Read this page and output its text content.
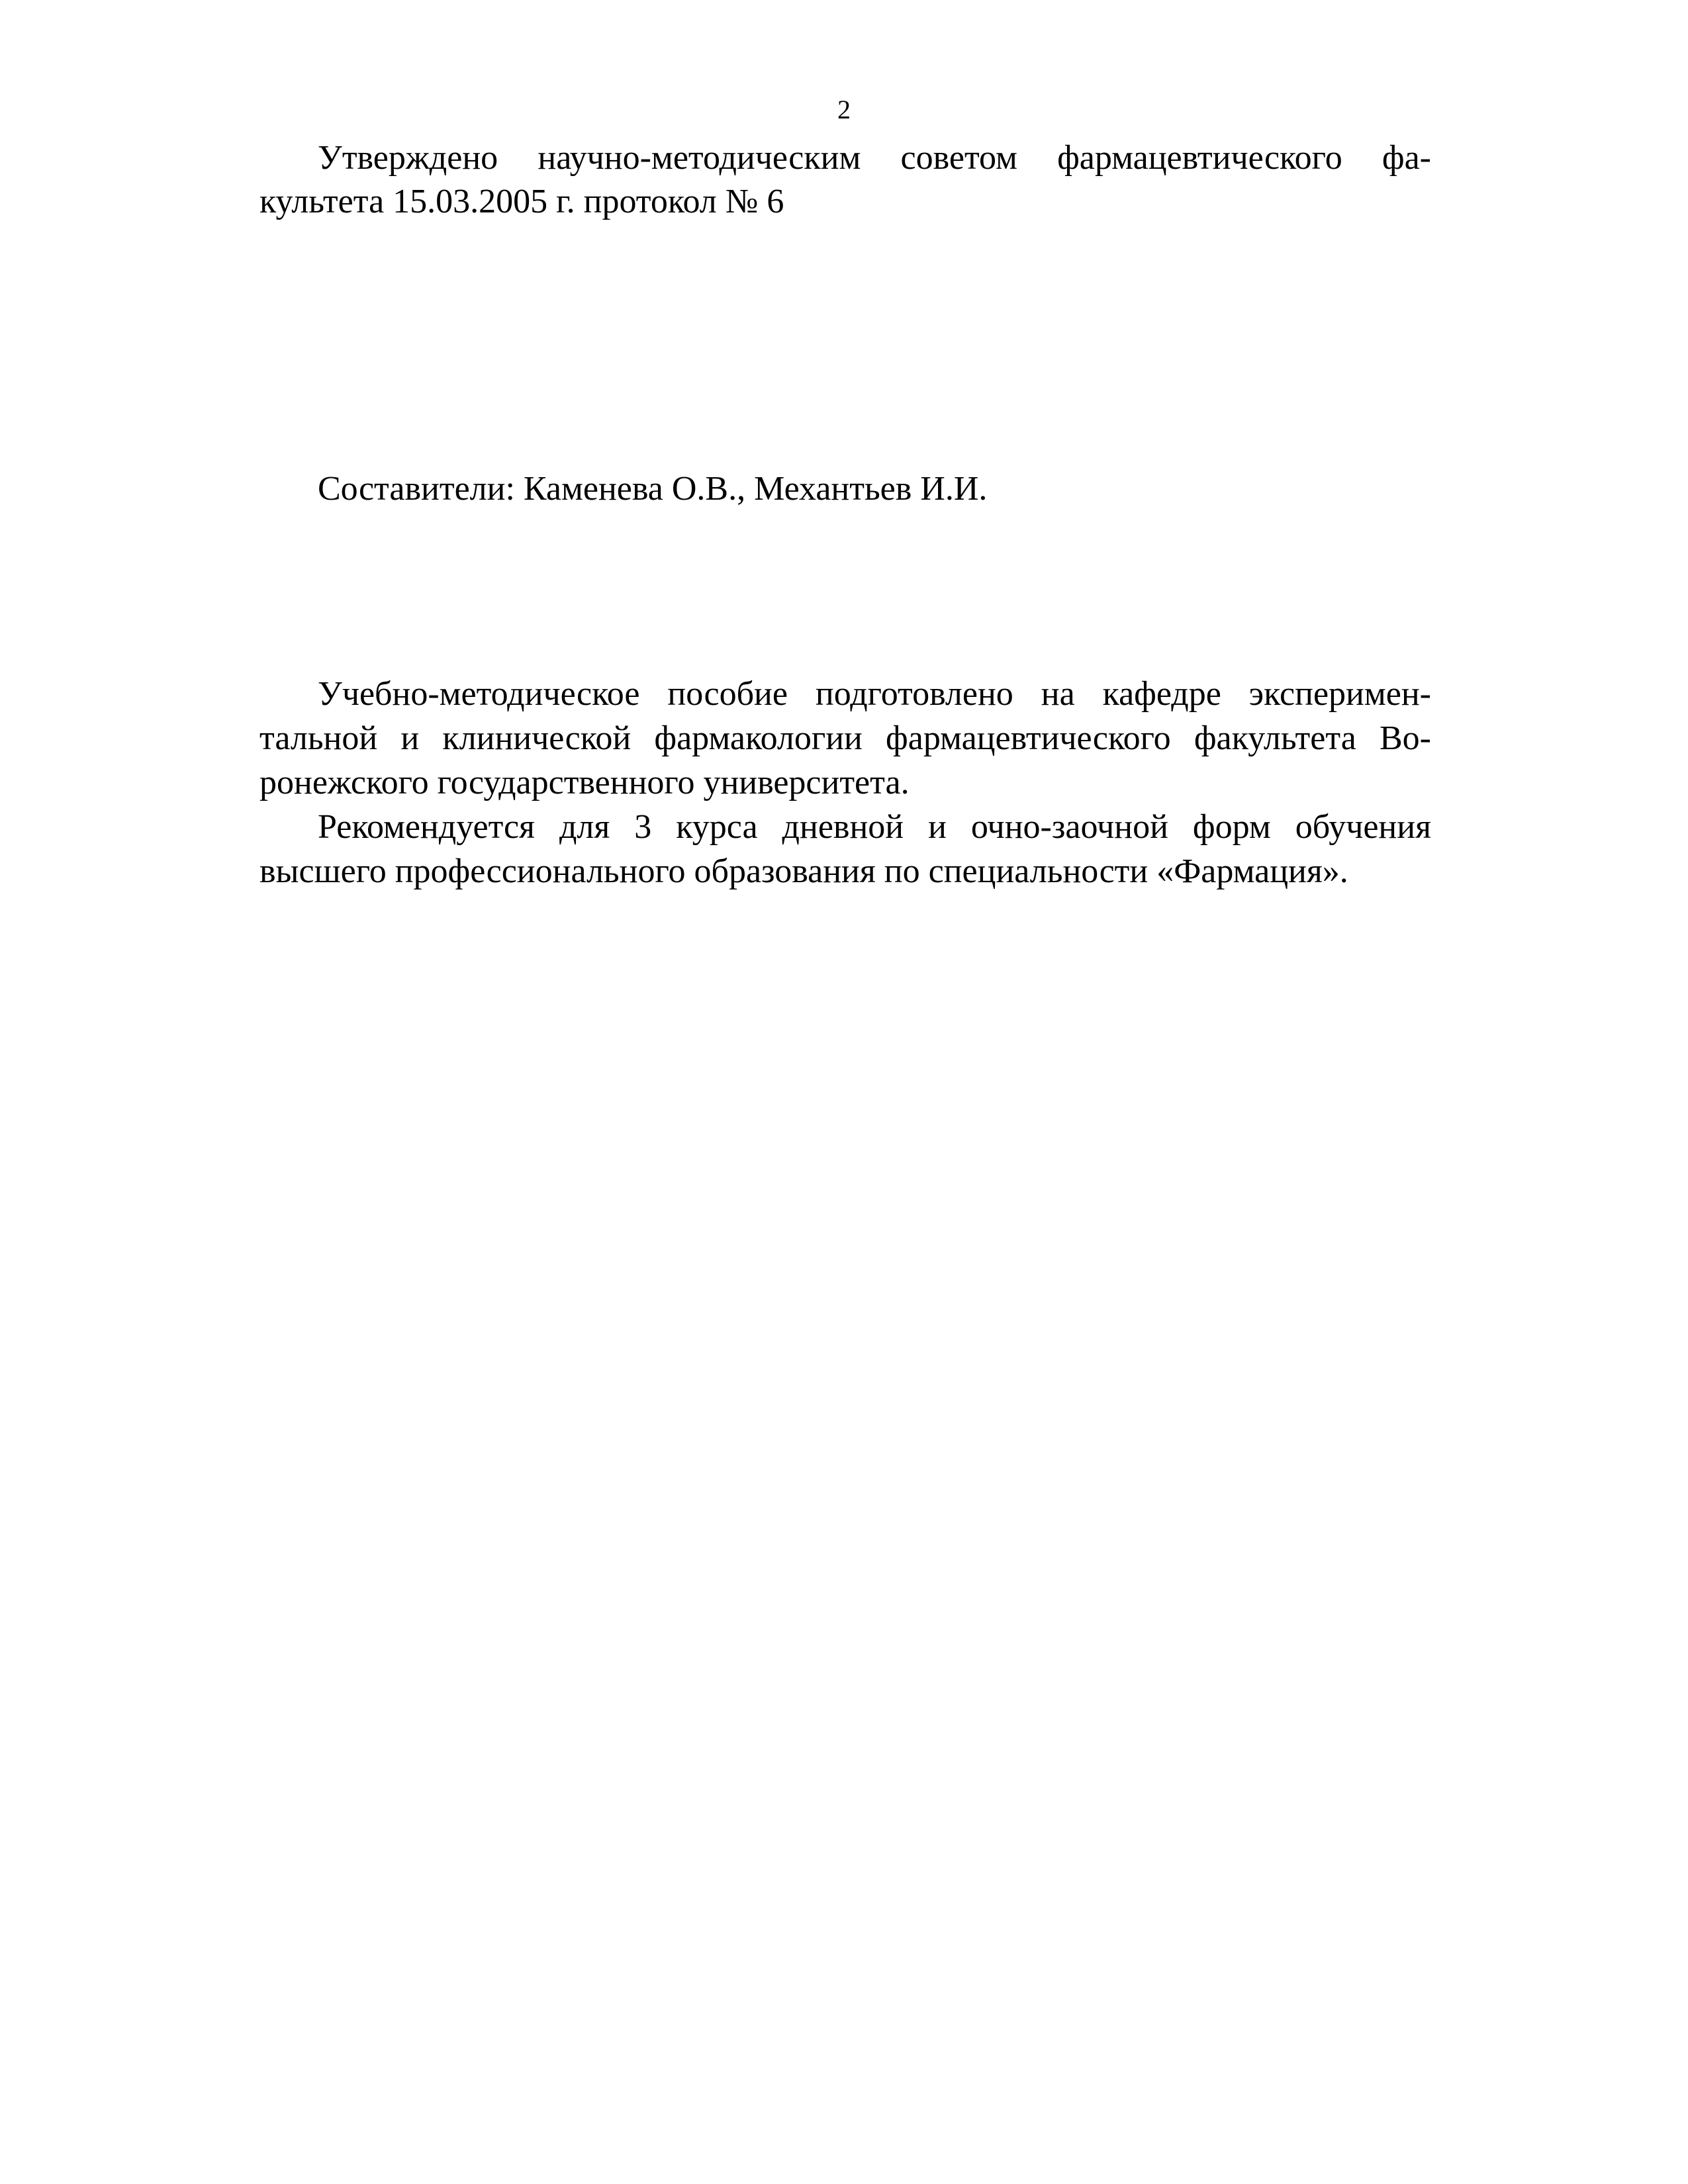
2
Утверждено научно-методическим советом фармацевтического фа-
культета 15.03.2005 г. протокол № 6
Составители: Каменева О.В., Механтьев И.И.
Учебно-методическое пособие подготовлено на кафедре эксперимен-
тальной и клинической фармакологии фармацевтического факультета Во-
ронежского государственного университета.
Рекомендуется для 3 курса дневной и очно-заочной форм обучения
высшего профессионального образования по специальности «Фармация».
